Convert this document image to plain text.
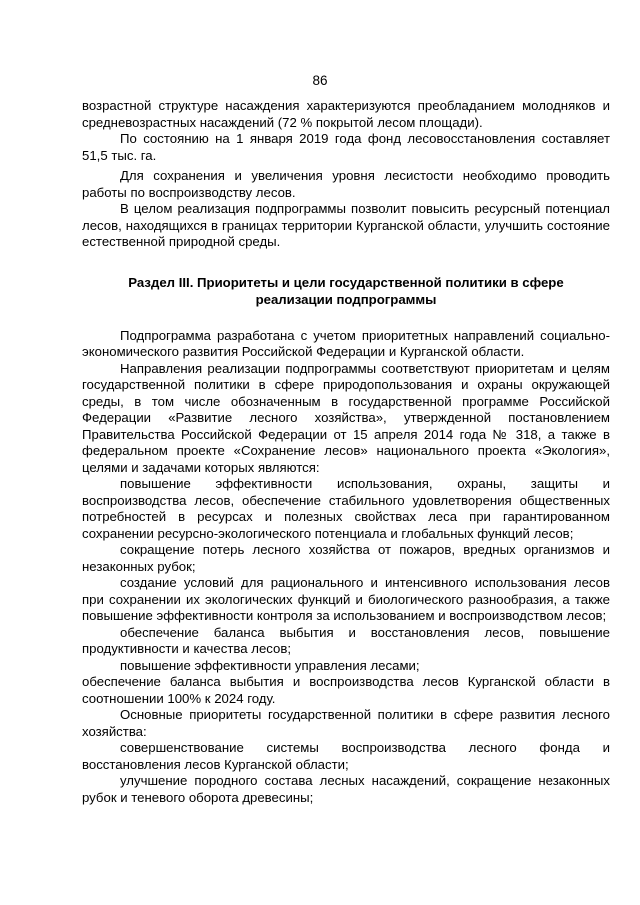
86

возрастной структуре насаждения характеризуются преобладанием молодняков и средневозрастных насаждений (72 % покрытой лесом площади).

По состоянию на 1 января 2019 года фонд лесовосстановления составляет 51,5 тыс. га.

Для сохранения и увеличения уровня лесистости необходимо проводить работы по воспроизводству лесов.

В целом реализация подпрограммы позволит повысить ресурсный потенциал лесов, находящихся в границах территории Курганской области, улучшить состояние естественной природной среды.

Раздел III. Приоритеты и цели государственной политики в сфере реализации подпрограммы

Подпрограмма разработана с учетом приоритетных направлений социально-экономического развития Российской Федерации и Курганской области.

Направления реализации подпрограммы соответствуют приоритетам и целям государственной политики в сфере природопользования и охраны окружающей среды, в том числе обозначенным в государственной программе Российской Федерации «Развитие лесного хозяйства», утвержденной постановлением Правительства Российской Федерации от 15 апреля 2014 года № 318, а также в федеральном проекте «Сохранение лесов» национального проекта «Экология», целями и задачами которых являются:

повышение эффективности использования, охраны, защиты и воспроизводства лесов, обеспечение стабильного удовлетворения общественных потребностей в ресурсах и полезных свойствах леса при гарантированном сохранении ресурсно-экологического потенциала и глобальных функций лесов;

сокращение потерь лесного хозяйства от пожаров, вредных организмов и незаконных рубок;

создание условий для рационального и интенсивного использования лесов при сохранении их экологических функций и биологического разнообразия, а также повышение эффективности контроля за использованием и воспроизводством лесов;

обеспечение баланса выбытия и восстановления лесов, повышение продуктивности и качества лесов;

повышение эффективности управления лесами;

обеспечение баланса выбытия и воспроизводства лесов Курганской области в соотношении 100% к 2024 году.

Основные приоритеты государственной политики в сфере развития лесного хозяйства:

совершенствование системы воспроизводства лесного фонда и восстановления лесов Курганской области;

улучшение породного состава лесных насаждений, сокращение незаконных рубок и теневого оборота древесины;
